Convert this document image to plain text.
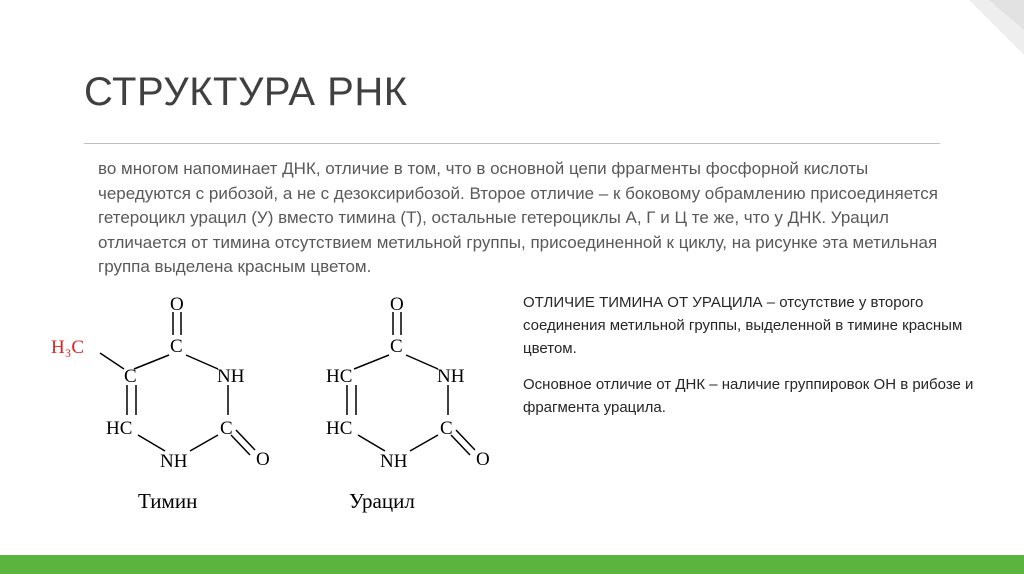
СТРУКТУРА РНК

во многом напоминает ДНК, отличие в том, что в основной цепи фрагменты фосфорной кислоты чередуются с рибозой, а не с дезоксирибозой. Второе отличие – к боковому обрамлению присоединяется гетероцикл урацил (У) вместо тимина (Т), остальные гетероциклы А, Г и Ц те же, что у ДНК. Урацил отличается от тимина отсутствием метильной группы, присоединенной к циклу, на рисунке эта метильная группа выделена красным цветом.

O
C
H₃C
C	NH
HC	C
O
NH
Тимин
O
C
HC	NH
HC	C
O
NH
Урацил

ОТЛИЧИЕ ТИМИНА ОТ УРАЦИЛА – отсутствие у второго соединения метильной группы, выделенной в тимине красным цветом.

Основное отличие от ДНК – наличие группировок OH в рибозе и фрагмента урацила.
